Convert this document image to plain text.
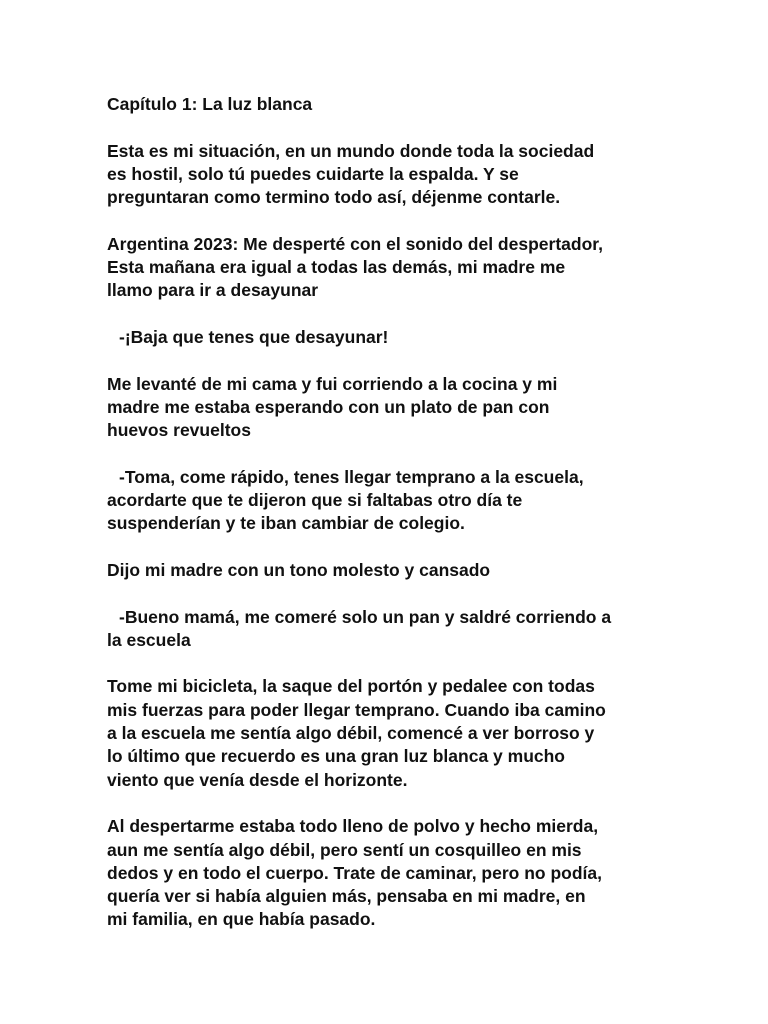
Capítulo 1: La luz blanca

Esta es mi situación, en un mundo donde toda la sociedad
es hostil, solo tú puedes cuidarte la espalda. Y se
preguntaran como termino todo así, déjenme contarle.

Argentina 2023: Me desperté con el sonido del despertador,
Esta mañana era igual a todas las demás, mi madre me
llamo para ir a desayunar

-¡Baja que tenes que desayunar!

Me levanté de mi cama y fui corriendo a la cocina y mi
madre me estaba esperando con un plato de pan con
huevos revueltos

-Toma, come rápido, tenes llegar temprano a la escuela,
acordarte que te dijeron que si faltabas otro día te
suspenderían y te iban cambiar de colegio.

Dijo mi madre con un tono molesto y cansado

-Bueno mamá, me comeré solo un pan y saldré corriendo a
la escuela

Tome mi bicicleta, la saque del portón y pedalee con todas
mis fuerzas para poder llegar temprano. Cuando iba camino
a la escuela me sentía algo débil, comencé a ver borroso y
lo último que recuerdo es una gran luz blanca y mucho
viento que venía desde el horizonte.

Al despertarme estaba todo lleno de polvo y hecho mierda,
aun me sentía algo débil, pero sentí un cosquilleo en mis
dedos y en todo el cuerpo. Trate de caminar, pero no podía,
quería ver si había alguien más, pensaba en mi madre, en
mi familia, en que había pasado.
